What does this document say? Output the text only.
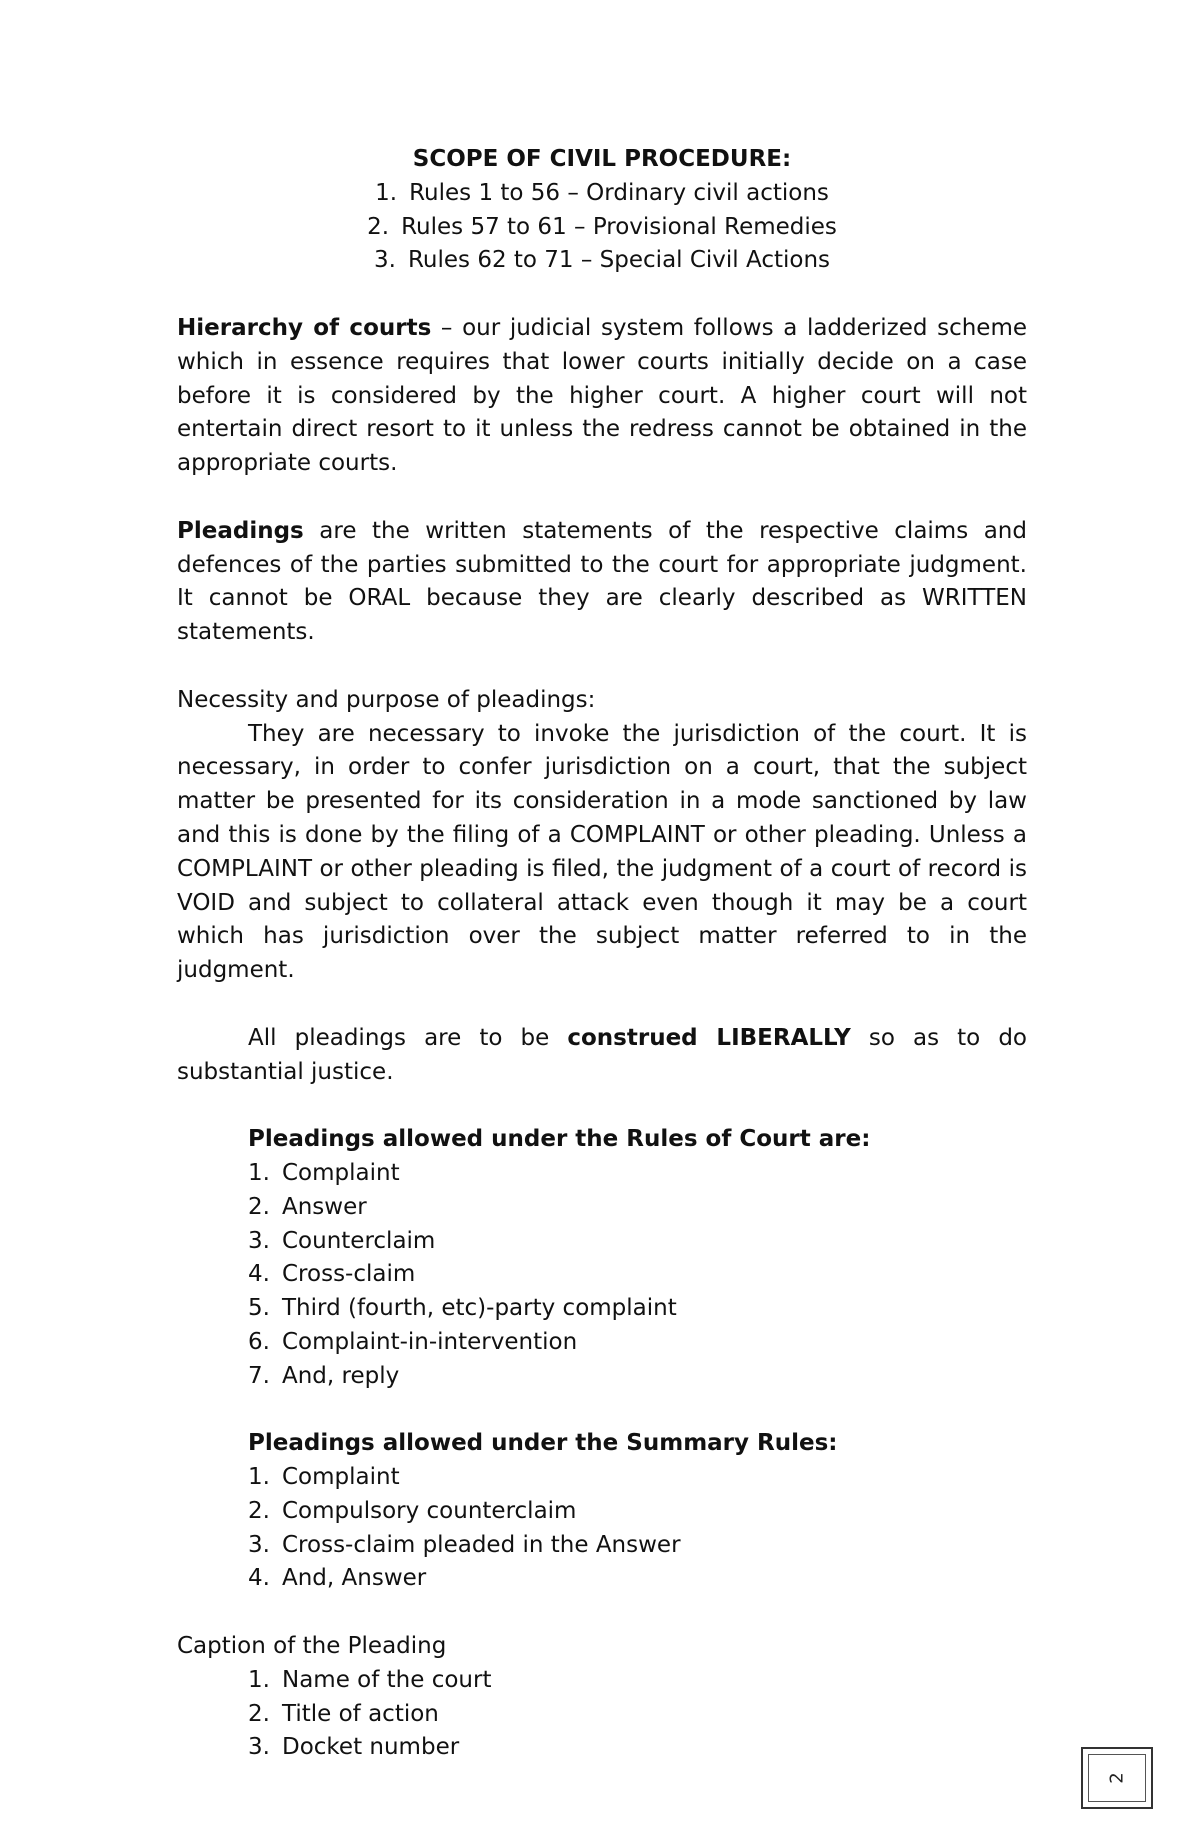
SCOPE OF CIVIL PROCEDURE:
1. Rules 1 to 56 – Ordinary civil actions
2. Rules 57 to 61 – Provisional Remedies
3. Rules 62 to 71 – Special Civil Actions

Hierarchy of courts – our judicial system follows a ladderized scheme which in essence requires that lower courts initially decide on a case before it is considered by the higher court. A higher court will not entertain direct resort to it unless the redress cannot be obtained in the appropriate courts.

Pleadings are the written statements of the respective claims and defences of the parties submitted to the court for appropriate judgment. It cannot be ORAL because they are clearly described as WRITTEN statements.

Necessity and purpose of pleadings:

They are necessary to invoke the jurisdiction of the court. It is necessary, in order to confer jurisdiction on a court, that the subject matter be presented for its consideration in a mode sanctioned by law and this is done by the filing of a COMPLAINT or other pleading. Unless a COMPLAINT or other pleading is filed, the judgment of a court of record is VOID and subject to collateral attack even though it may be a court which has jurisdiction over the subject matter referred to in the judgment.

All pleadings are to be construed LIBERALLY so as to do substantial justice.

Pleadings allowed under the Rules of Court are:
1. Complaint
2. Answer
3. Counterclaim
4. Cross-claim
5. Third (fourth, etc)-party complaint
6. Complaint-in-intervention
7. And, reply
Pleadings allowed under the Summary Rules:
1. Complaint
2. Compulsory counterclaim
3. Cross-claim pleaded in the Answer
4. And, Answer
Caption of the Pleading
1. Name of the court
2. Title of action
3. Docket number
2
